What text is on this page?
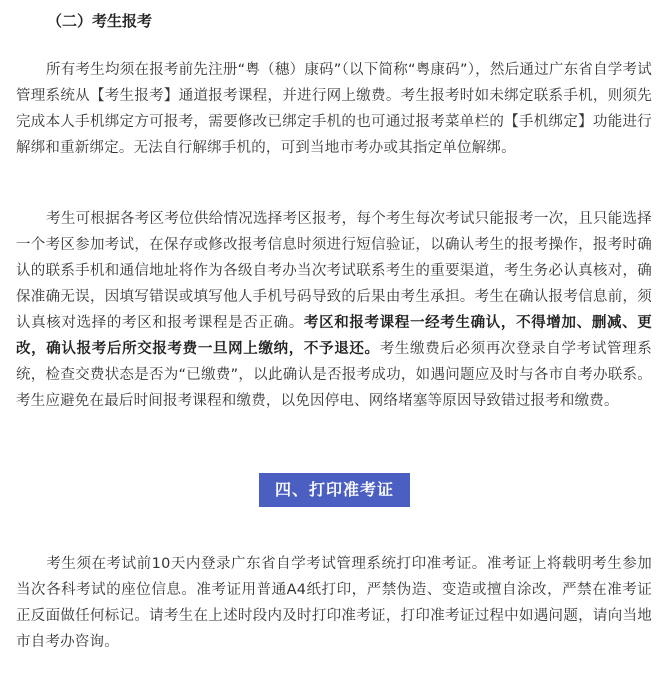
（二）考生报考

所有考生均须在报考前先注册“粤（穗）康码”（以下简称“粤康码”），然后通过广东省自学考试管理系统从【考生报考】通道报考课程，并进行网上缴费。考生报考时如未绑定联系手机，则须先完成本人手机绑定方可报考，需要修改已绑定手机的也可通过报考菜单栏的【手机绑定】功能进行解绑和重新绑定。无法自行解绑手机的，可到当地市考办或其指定单位解绑。

考生可根据各考区考位供给情况选择考区报考，每个考生每次考试只能报考一次，且只能选择一个考区参加考试，在保存或修改报考信息时须进行短信验证，以确认考生的报考操作，报考时确认的联系手机和通信地址将作为各级自考办当次考试联系考生的重要渠道，考生务必认真核对，确保准确无误，因填写错误或填写他人手机号码导致的后果由考生承担。考生在确认报考信息前，须认真核对选择的考区和报考课程是否正确。考区和报考课程一经考生确认，不得增加、删减、更改，确认报考后所交报考费一旦网上缴纳，不予退还。考生缴费后必须再次登录自学考试管理系统，检查交费状态是否为“已缴费”，以此确认是否报考成功，如遇问题应及时与各市自考办联系。考生应避免在最后时间报考课程和缴费，以免因停电、网络堵塞等原因导致错过报考和缴费。

四、打印准考证

考生须在考试前10天内登录广东省自学考试管理系统打印准考证。准考证上将载明考生参加当次各科考试的座位信息。准考证用普通A4纸打印，严禁伪造、变造或擅自涂改，严禁在准考证正反面做任何标记。请考生在上述时段内及时打印准考证，打印准考证过程中如遇问题，请向当地市自考办咨询。
